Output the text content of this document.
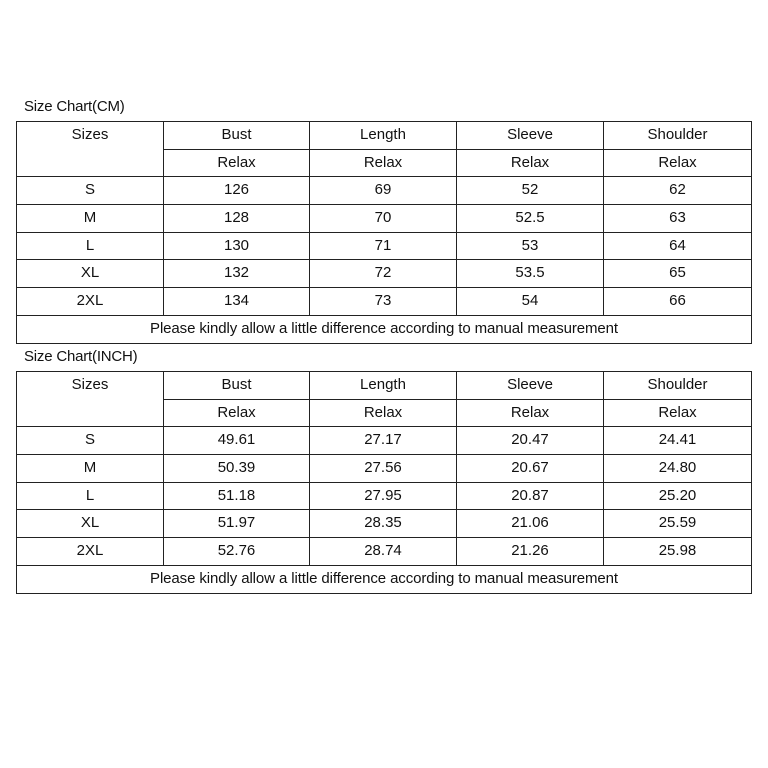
Size Chart(CM)
Sizes	Bust	Length	Sleeve	Shoulder
	Relax	Relax	Relax	Relax
S	126	69	52	62
M	128	70	52.5	63
L	130	71	53	64
XL	132	72	53.5	65
2XL	134	73	54	66
Please kindly allow a little difference according to manual measurement				
Size Chart(INCH)
Sizes	Bust	Length	Sleeve	Shoulder
	Relax	Relax	Relax	Relax
S	49.61	27.17	20.47	24.41
M	50.39	27.56	20.67	24.80
L	51.18	27.95	20.87	25.20
XL	51.97	28.35	21.06	25.59
2XL	52.76	28.74	21.26	25.98
Please kindly allow a little difference according to manual measurement				
